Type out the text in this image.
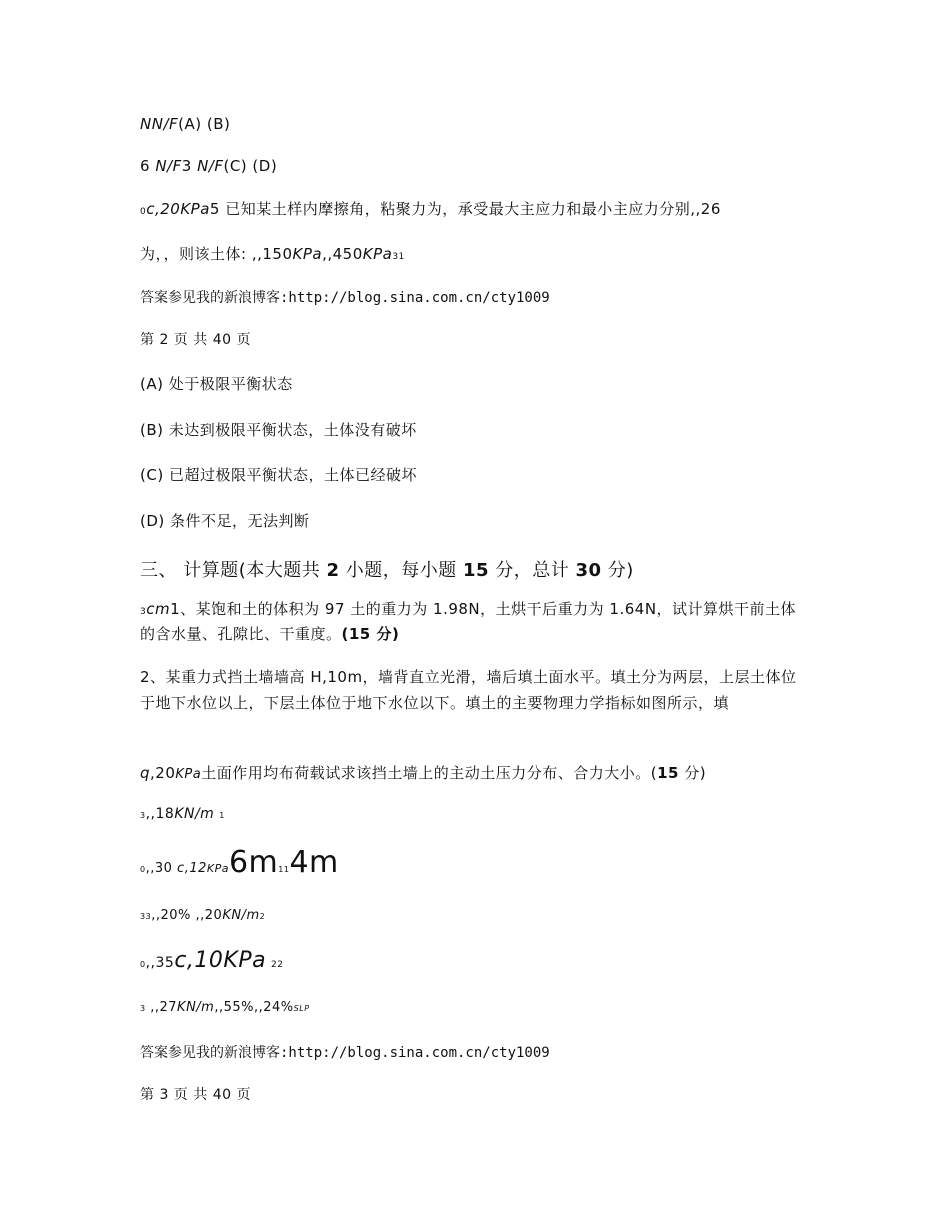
NN/F(A) (B)
6 N/F3 N/F(C) (D)
0c,20KPa5 已知某土样内摩擦角，粘聚力为，承受最大主应力和最小主应力分别,,26
为，，则该土体: ,,150KPa,,450KPa31
答案参见我的新浪博客:http://blog.sina.com.cn/cty1009
第 2 页 共 40 页
(A) 处于极限平衡状态
(B) 未达到极限平衡状态，土体没有破坏
(C) 已超过极限平衡状态，土体已经破坏
(D) 条件不足，无法判断
三、 计算题(本大题共 2 小题，每小题 15 分，总计 30 分)
3cm1、某饱和土的体积为 97 土的重力为 1.98N，土烘干后重力为 1.64N，试计算烘干前土体的含水量、孔隙比、干重度。(15 分)
2、某重力式挡土墙墙高 H,10m，墙背直立光滑，墙后填土面水平。填土分为两层，上层土体位于地下水位以上，下层土体位于地下水位以下。填土的主要物理力学指标如图所示，填
q,20KPa土面作用均布荷载试求该挡土墙上的主动土压力分布、合力大小。(15 分)
3,,18KN/m 1
0,,30 c,12KPa6m114m
33,,20% ,,20KN/m2
0,,35c,10KPa 22
3 ,,27KN/m,,55%,,24%SLP
答案参见我的新浪博客:http://blog.sina.com.cn/cty1009
第 3 页 共 40 页
